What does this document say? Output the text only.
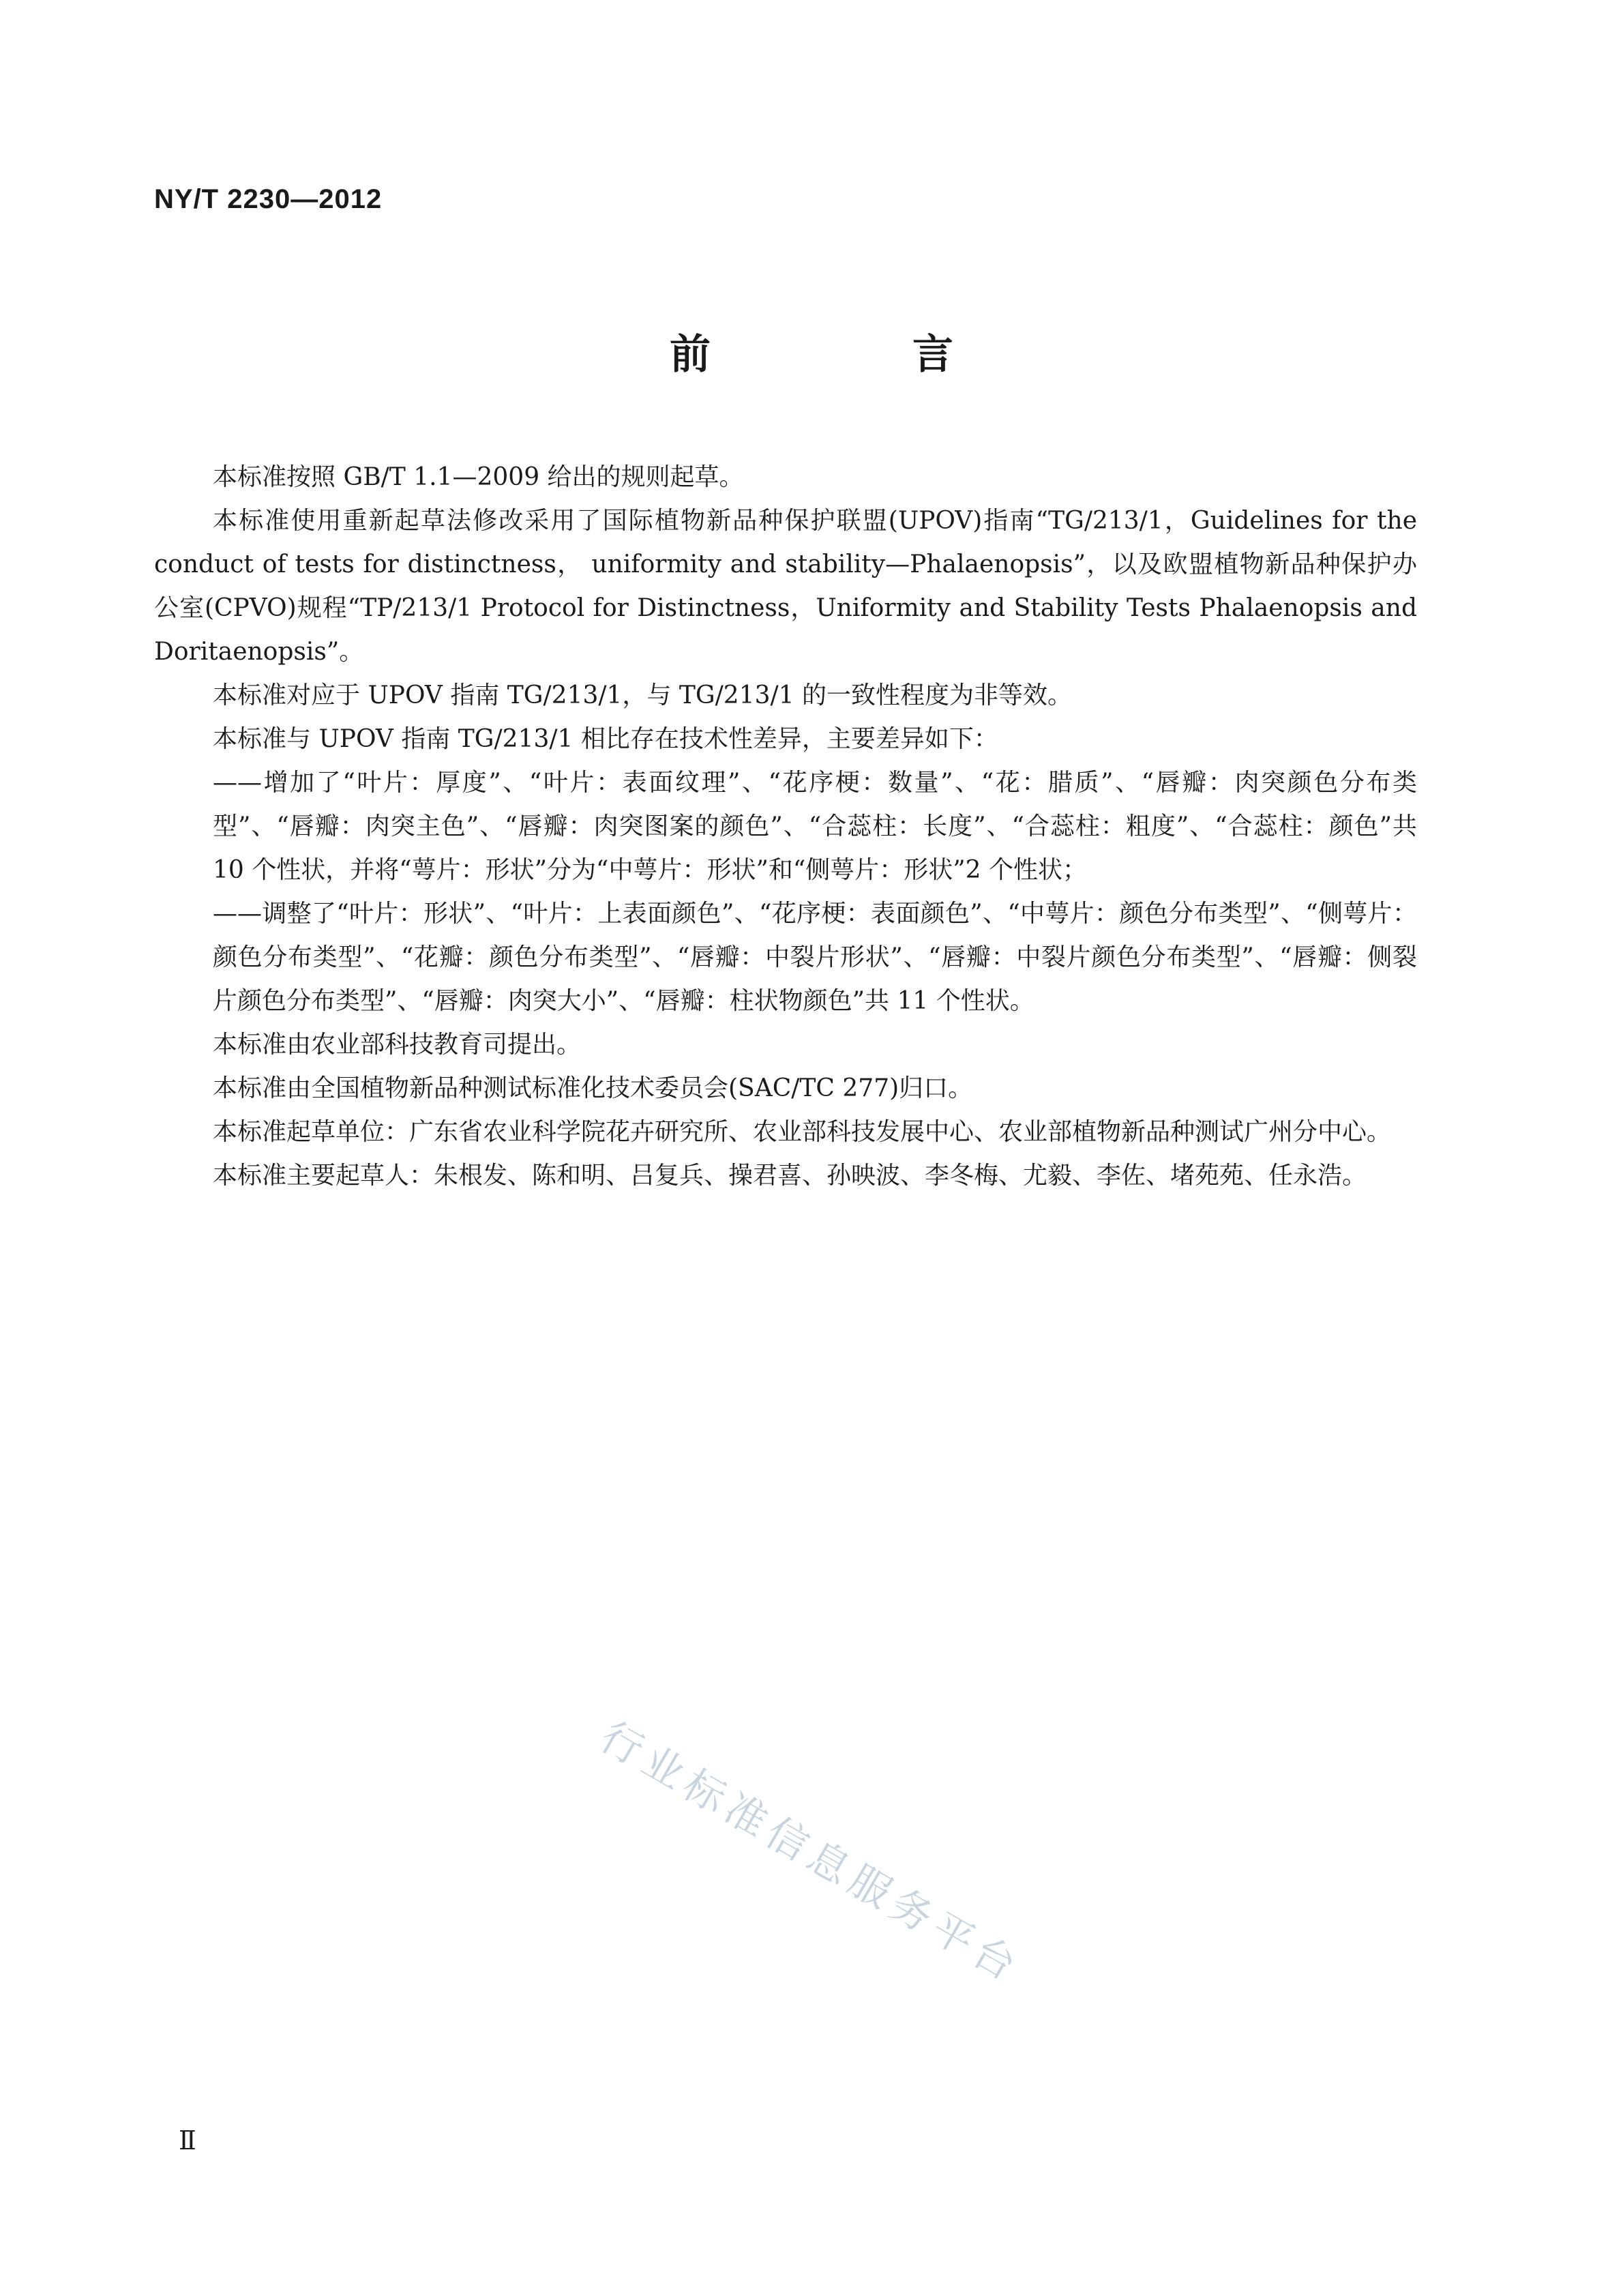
NY/T 2230—2012
前　言

本标准按照 GB/T 1.1—2009 给出的规则起草。

本标准使用重新起草法修改采用了国际植物新品种保护联盟(UPOV)指南“TG/213/1，Guidelines for the conduct of tests for distinctness， uniformity and stability—Phalaenopsis”，以及欧盟植物新品种保护办公室(CPVO)规程“TP/213/1 Protocol for Distinctness，Uniformity and Stability Tests Phalaenopsis and Doritaenopsis”。

本标准对应于 UPOV 指南 TG/213/1，与 TG/213/1 的一致性程度为非等效。

本标准与 UPOV 指南 TG/213/1 相比存在技术性差异，主要差异如下：

——增加了“叶片：厚度”、“叶片：表面纹理”、“花序梗：数量”、“花：腊质”、“唇瓣：肉突颜色分布类型”、“唇瓣：肉突主色”、“唇瓣：肉突图案的颜色”、“合蕊柱：长度”、“合蕊柱：粗度”、“合蕊柱：颜色”共 10 个性状，并将“萼片：形状”分为“中萼片：形状”和“侧萼片：形状”2 个性状；

——调整了“叶片：形状”、“叶片：上表面颜色”、“花序梗：表面颜色”、“中萼片：颜色分布类型”、“侧萼片：颜色分布类型”、“花瓣：颜色分布类型”、“唇瓣：中裂片形状”、“唇瓣：中裂片颜色分布类型”、“唇瓣：侧裂片颜色分布类型”、“唇瓣：肉突大小”、“唇瓣：柱状物颜色”共 11 个性状。

本标准由农业部科技教育司提出。

本标准由全国植物新品种测试标准化技术委员会(SAC/TC 277)归口。

本标准起草单位：广东省农业科学院花卉研究所、农业部科技发展中心、农业部植物新品种测试广州分中心。

本标准主要起草人：朱根发、陈和明、吕复兵、操君喜、孙映波、李冬梅、尤毅、李佐、堵苑苑、任永浩。

行业标准信息服务平台
Ⅱ
